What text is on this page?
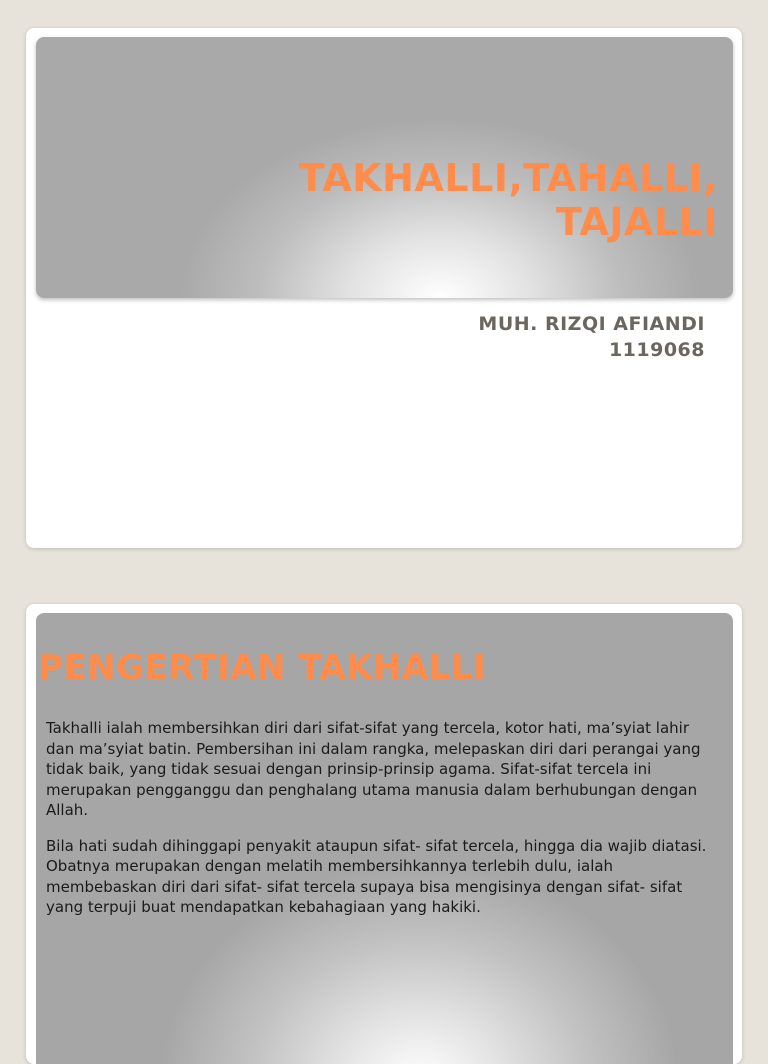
TAKHALLI,TAHALLI,
TAJALLI
MUH. RIZQI AFIANDI
1119068
PENGERTIAN TAKHALLI

Takhalli ialah membersihkan diri dari sifat-sifat yang tercela, kotor hati, ma’syiat lahir dan ma’syiat batin. Pembersihan ini dalam rangka, melepaskan diri dari perangai yang tidak baik, yang tidak sesuai dengan prinsip-prinsip agama. Sifat-sifat tercela ini merupakan pengganggu dan penghalang utama manusia dalam berhubungan dengan Allah.

Bila hati sudah dihinggapi penyakit ataupun sifat- sifat tercela, hingga dia wajib diatasi. Obatnya merupakan dengan melatih membersihkannya terlebih dulu, ialah membebaskan diri dari sifat- sifat tercela supaya bisa mengisinya dengan sifat- sifat yang terpuji buat mendapatkan kebahagiaan yang hakiki.
